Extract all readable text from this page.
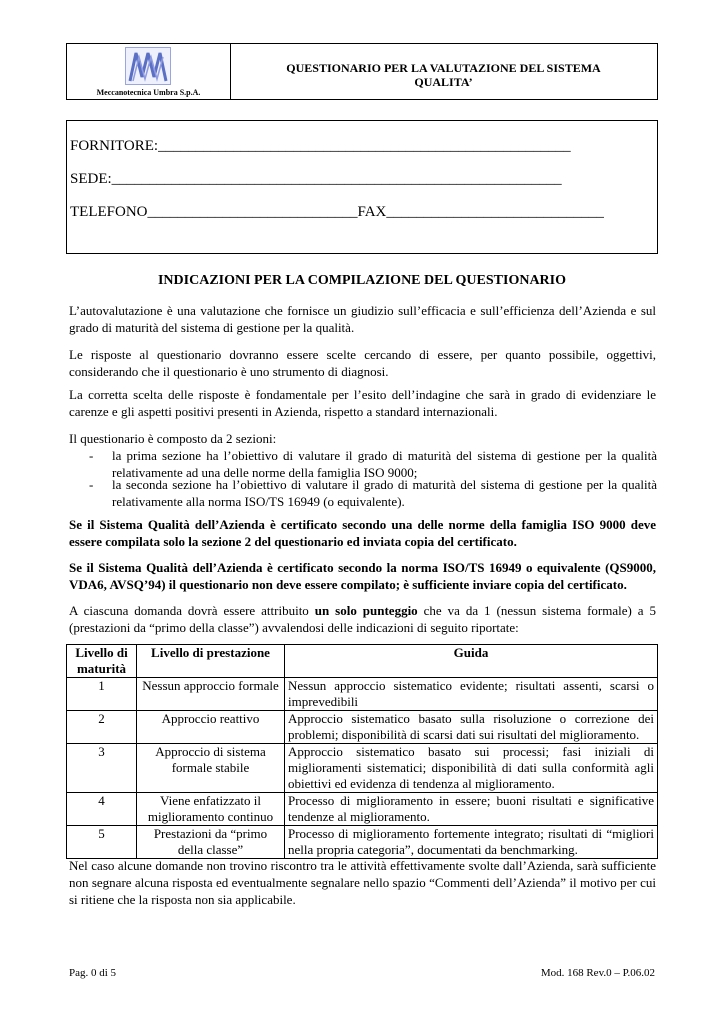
Meccanotecnica Umbra S.p.A.
QUESTIONARIO PER LA VALUTAZIONE DEL SISTEMA QUALITA’
FORNITORE:_______________________________________________________
SEDE:____________________________________________________________
TELEFONO____________________________FAX_____________________________
INDICAZIONI PER LA COMPILAZIONE DEL QUESTIONARIO
L’autovalutazione è una valutazione che fornisce un giudizio sull’efficacia e sull’efficienza dell’Azienda e sul grado di maturità del sistema di gestione per la qualità.
Le risposte al questionario dovranno essere scelte cercando di essere, per quanto possibile, oggettivi, considerando che il questionario è uno strumento di diagnosi.
La corretta scelta delle risposte è fondamentale per l’esito dell’indagine che sarà in grado di evidenziare le carenze e gli aspetti positivi presenti in Azienda, rispetto a standard internazionali.
Il questionario è composto da 2 sezioni:
- la prima sezione ha l’obiettivo di valutare il grado di maturità del sistema di gestione per la qualità relativamente ad una delle norme della famiglia ISO 9000;
- la seconda sezione ha l’obiettivo di valutare il grado di maturità del sistema di gestione per la qualità relativamente alla norma ISO/TS 16949 (o equivalente).
Se il Sistema Qualità dell’Azienda è certificato secondo una delle norme della famiglia ISO 9000 deve essere compilata solo la sezione 2 del questionario ed inviata copia del certificato.
Se il Sistema Qualità dell’Azienda è certificato secondo la norma ISO/TS 16949 o equivalente (QS9000, VDA6, AVSQ’94) il questionario non deve essere compilato; è sufficiente inviare copia del certificato.
A ciascuna domanda dovrà essere attribuito un solo punteggio che va da 1 (nessun sistema formale) a 5 (prestazioni da “primo della classe”) avvalendosi delle indicazioni di seguito riportate:
Livello di maturità	Livello di prestazione	Guida
1	Nessun approccio formale	Nessun approccio sistematico evidente; risultati assenti, scarsi o imprevedibili
2	Approccio reattivo	Approccio sistematico basato sulla risoluzione o correzione dei problemi; disponibilità di scarsi dati sui risultati del miglioramento.
3	Approccio di sistema formale stabile	Approccio sistematico basato sui processi; fasi iniziali di miglioramenti sistematici; disponibilità di dati sulla conformità agli obiettivi ed evidenza di tendenza al miglioramento.
4	Viene enfatizzato il miglioramento continuo	Processo di miglioramento in essere; buoni risultati e significative tendenze al miglioramento.
5	Prestazioni da “primo della classe”	Processo di miglioramento fortemente integrato; risultati di “migliori nella propria categoria”, documentati da benchmarking.
Nel caso alcune domande non trovino riscontro tra le attività effettivamente svolte dall’Azienda, sarà sufficiente non segnare alcuna risposta ed eventualmente segnalare nello spazio “Commenti dell’Azienda” il motivo per cui si ritiene che la risposta non sia applicabile.
Pag. 0 di 5	Mod. 168 Rev.0 – P.06.02
